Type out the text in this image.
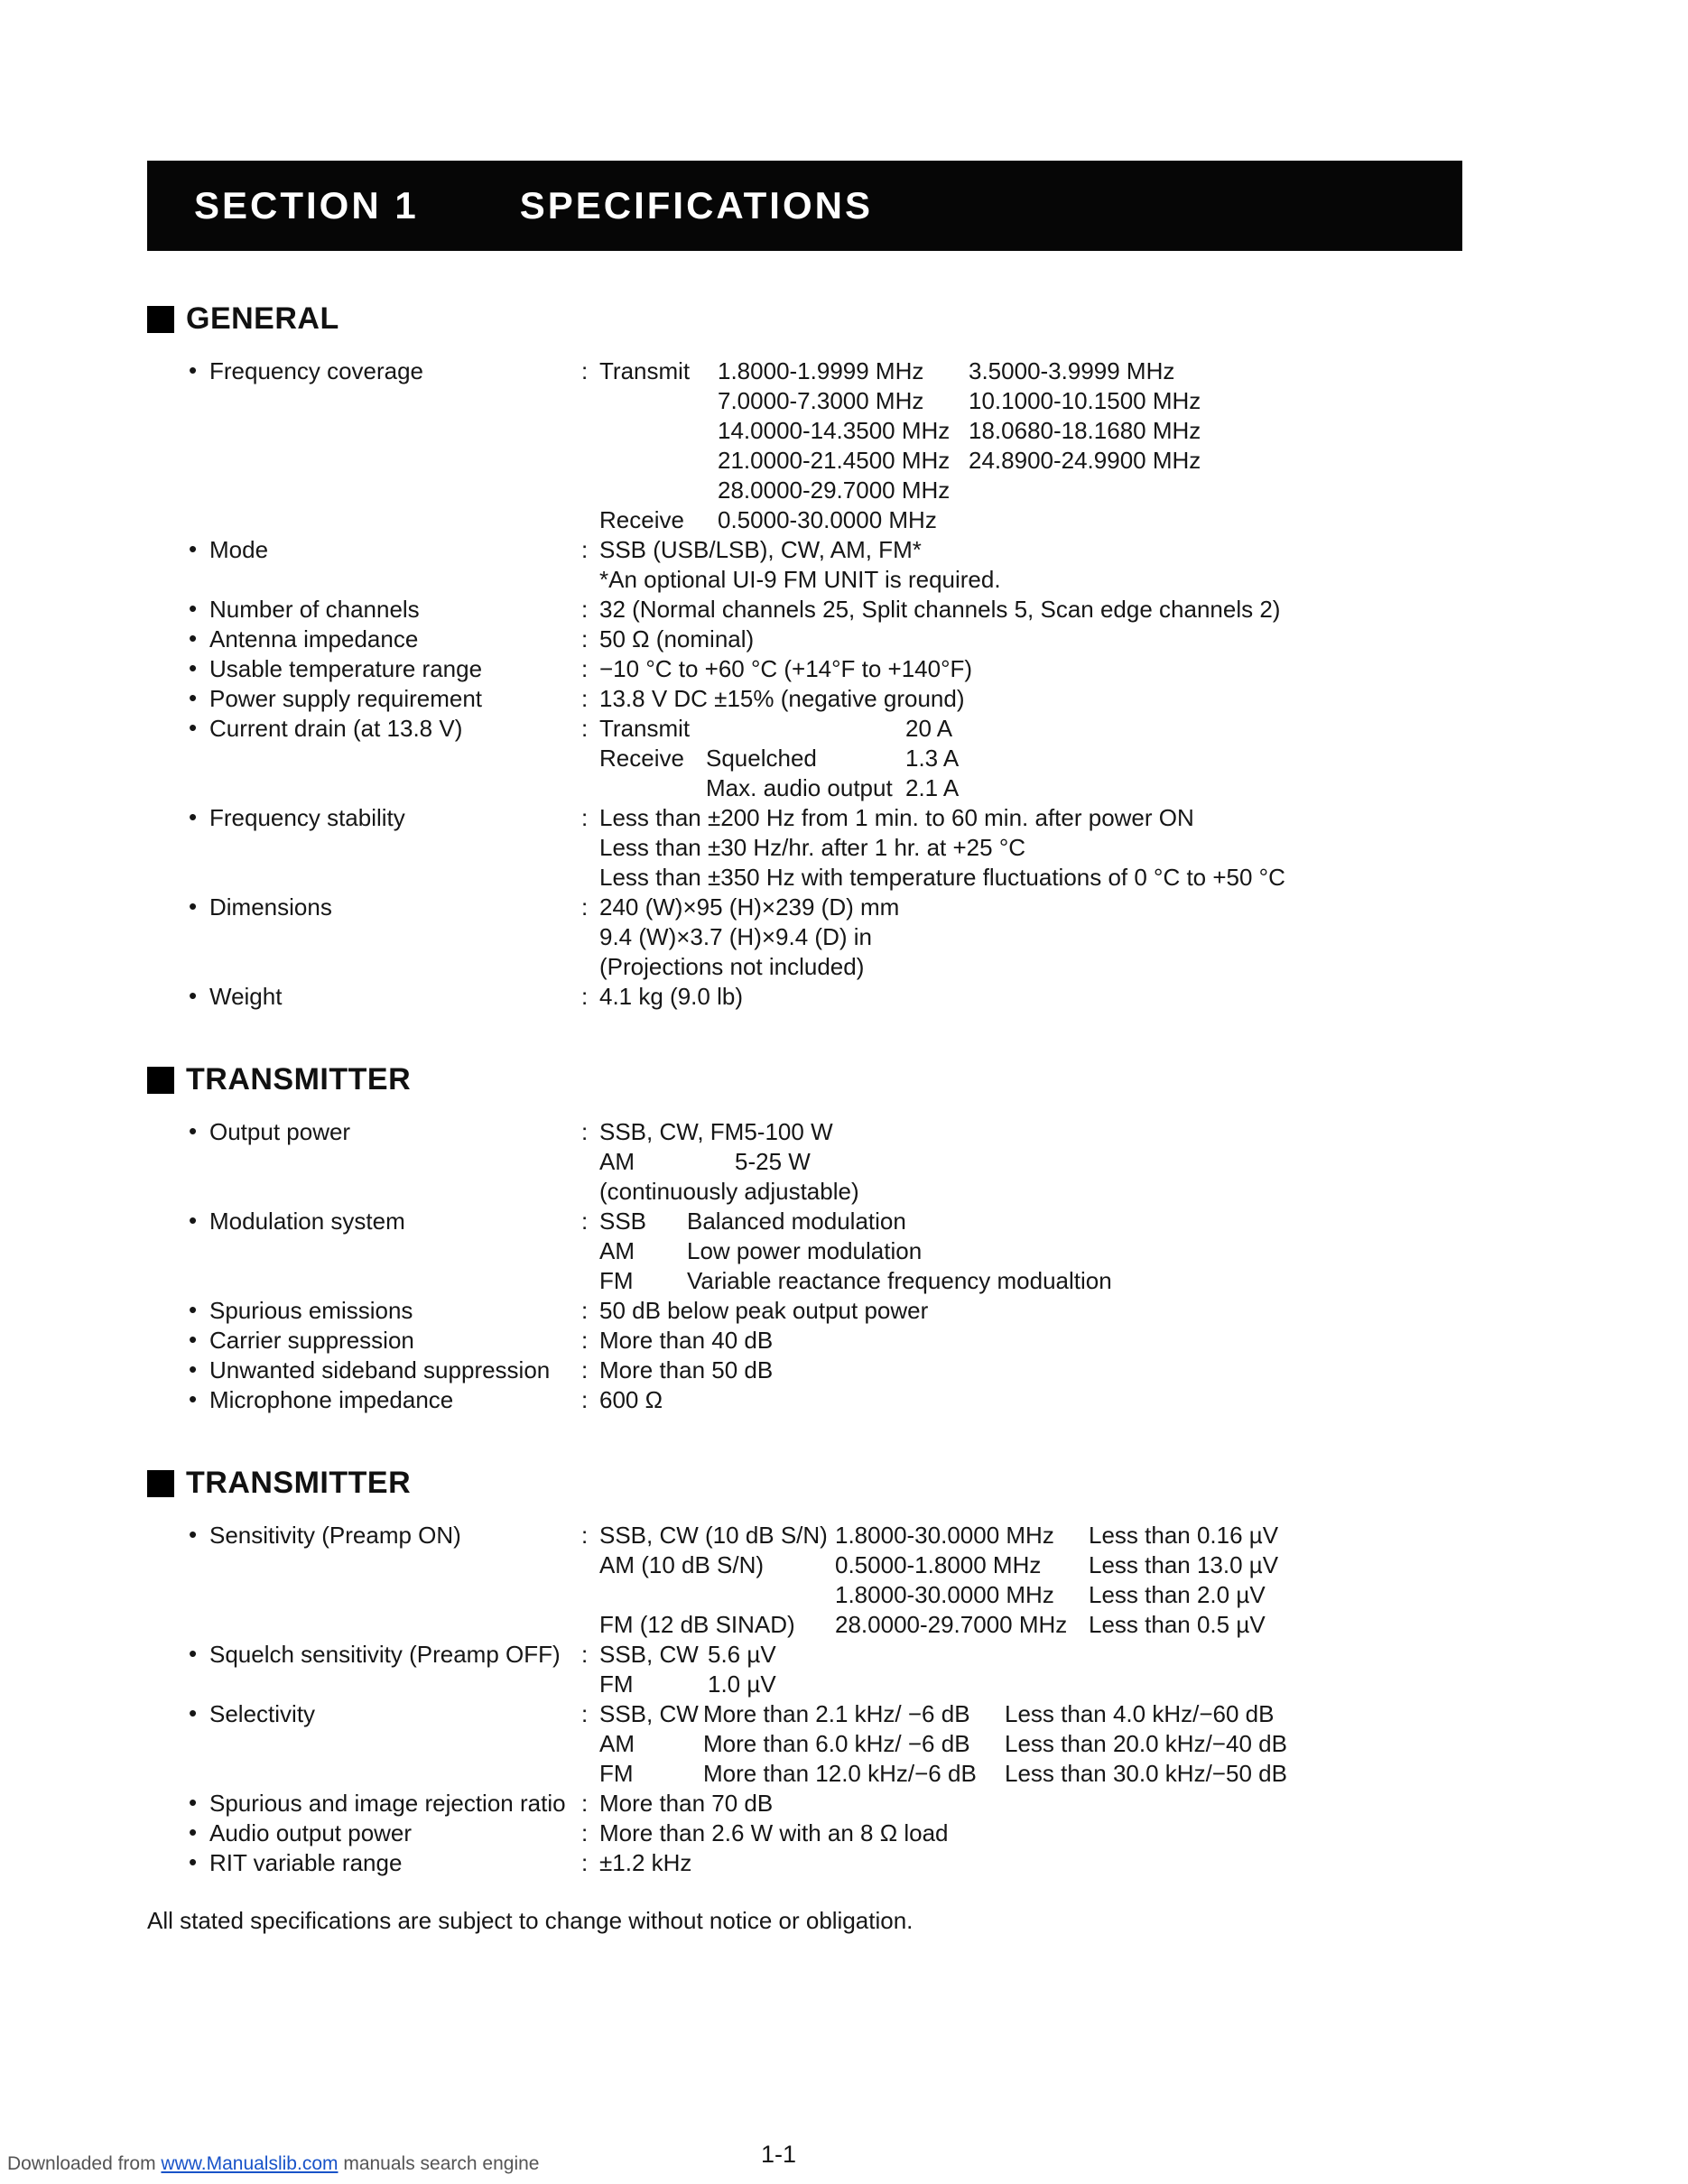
SECTION 1	SPECIFICATIONS
GENERAL
• Frequency coverage	: Transmit 1.8000-1.9999 MHz 3.5000-3.9999 MHz
7.0000-7.3000 MHz 10.1000-10.1500 MHz
14.0000-14.3500 MHz 18.0680-18.1680 MHz
21.0000-21.4500 MHz 24.8900-24.9900 MHz
28.0000-29.7000 MHz
Receive 0.5000-30.0000 MHz
• Mode	: SSB (USB/LSB), CW, AM, FM*
*An optional UI-9 FM UNIT is required.
• Number of channels	: 32 (Normal channels 25, Split channels 5, Scan edge channels 2)
• Antenna impedance	: 50 Ω (nominal)
• Usable temperature range	: −10 °C to +60 °C (+14°F to +140°F)
• Power supply requirement	: 13.8 V DC ±15% (negative ground)
• Current drain (at 13.8 V)	: Transmit	20 A
Receive Squelched	1.3 A
Max. audio output 2.1 A
• Frequency stability	: Less than ±200 Hz from 1 min. to 60 min. after power ON
Less than ±30 Hz/hr. after 1 hr. at +25 °C
Less than ±350 Hz with temperature fluctuations of 0 °C to +50 °C
• Dimensions	: 240 (W)×95 (H)×239 (D) mm
9.4 (W)×3.7 (H)×9.4 (D) in
(Projections not included)
• Weight	: 4.1 kg (9.0 lb)
TRANSMITTER
• Output power	: SSB, CW, FM5-100 W
AM	5-25 W
(continuously adjustable)
• Modulation system	: SSB Balanced modulation
AM Low power modulation
FM Variable reactance frequency modualtion
• Spurious emissions	: 50 dB below peak output power
• Carrier suppression	: More than 40 dB
• Unwanted sideband suppression	: More than 50 dB
• Microphone impedance	: 600 Ω
TRANSMITTER
• Sensitivity (Preamp ON)	: SSB, CW (10 dB S/N) 1.8000-30.0000 MHz Less than 0.16 µV
AM (10 dB S/N)	0.5000-1.8000 MHz Less than 13.0 µV
1.8000-30.0000 MHz Less than 2.0 µV
FM (12 dB SINAD) 28.0000-29.7000 MHz Less than 0.5 µV
• Squelch sensitivity (Preamp OFF) : SSB, CW 5.6 µV
FM	1.0 µV
• Selectivity	: SSB, CW More than 2.1 kHz/ −6 dB Less than 4.0 kHz/−60 dB
AM	More than 6.0 kHz/ −6 dB Less than 20.0 kHz/−40 dB
FM	More than 12.0 kHz/−6 dB Less than 30.0 kHz/−50 dB
• Spurious and image rejection ratio : More than 70 dB
• Audio output power	: More than 2.6 W with an 8 Ω load
• RIT variable range	: ±1.2 kHz
All stated specifications are subject to change without notice or obligation.
1-1
Downloaded from www.Manualslib.com manuals search engine
